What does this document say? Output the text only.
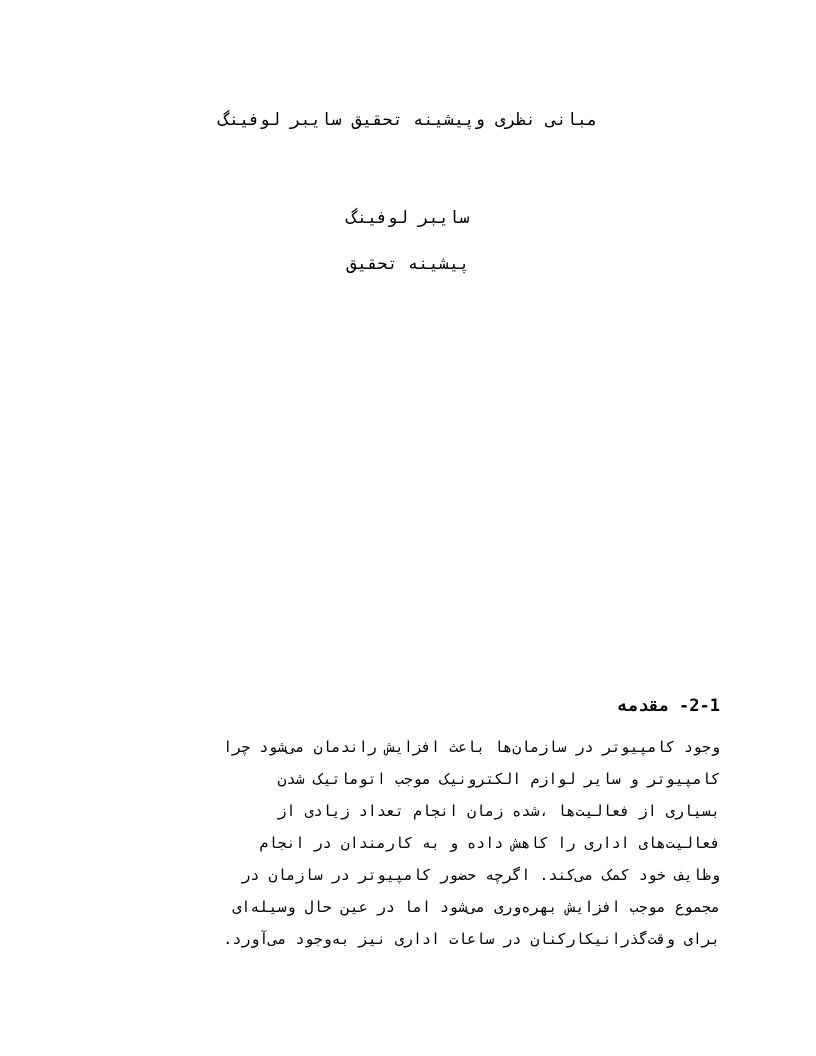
مبانی نظری وپیشینه تحقیق سایبر لوفینگ
سایبر لوفینگ
پیشینه تحقیق
2-1- مقدمه
وجود کامپیوتر در سازمان‌ها باعث افزایش راندمان می‌شود چرا
کامپیوتر و سایر لوازم الکترونیک موجب اتوماتیک شدن
بسیاری از فعالیت‌ها ،شده زمان انجام تعداد زیادی از
فعالیت‌های اداری را کاهش داده و به کارمندان در انجام
وظایف خود کمک می‌کند. اگرچه حضور کامپیوتر در سازمان در
مجموع موجب افزایش بهره‌وری می‌شود اما در عین حال وسیله‌ای
برای وقت‌گذرانیکارکنان در ساعات اداری نیز به‌وجود می‌آورد.
